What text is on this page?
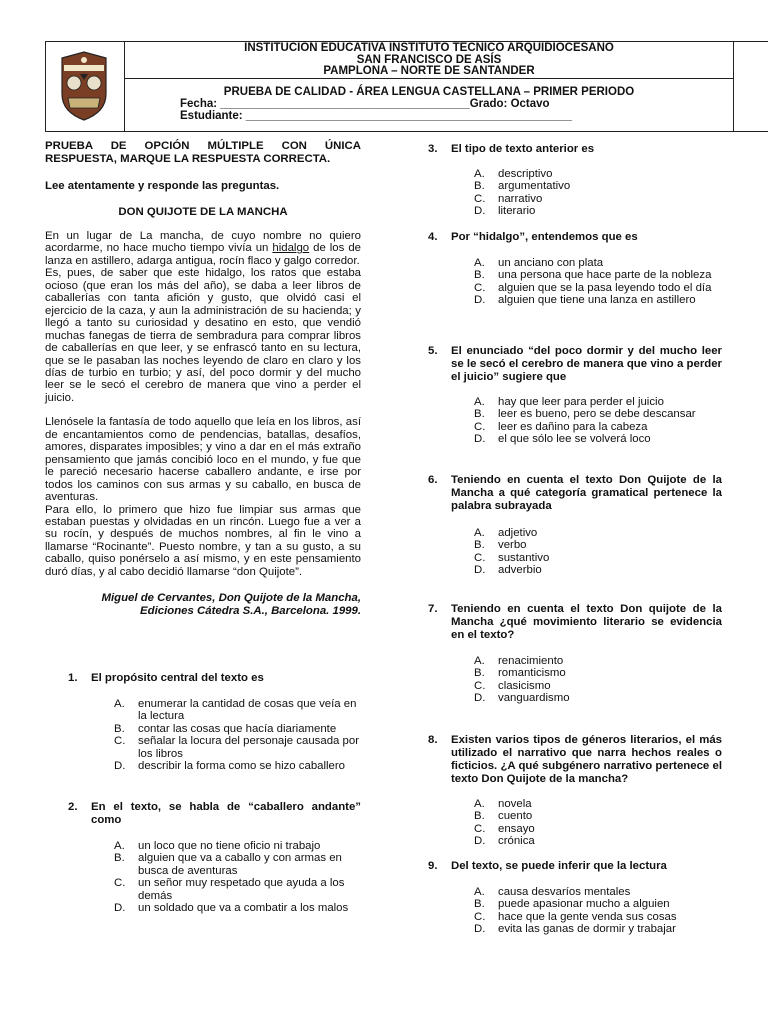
INSTITUCION EDUCATIVA INSTITUTO TECNICO ARQUIDIOCESANO
SAN FRANCISCO DE ASÍS
PAMPLONA – NORTE DE SANTANDER
PRUEBA DE CALIDAD - ÁREA LENGUA CASTELLANA – PRIMER PERIODO
Fecha: _______________________________________Grado: Octavo
Estudiante: ___________________________________________________

PRUEBA DE OPCIÓN MÚLTIPLE CON ÚNICA RESPUESTA, MARQUE LA RESPUESTA CORRECTA.

Lee atentamente y responde las preguntas.

DON QUIJOTE DE LA MANCHA

En un lugar de La mancha, de cuyo nombre no quiero acordarme, no hace mucho tiempo vivía un hidalgo de los de lanza en astillero, adarga antigua, rocín flaco y galgo corredor.

Es, pues, de saber que este hidalgo, los ratos que estaba ocioso (que eran los más del año), se daba a leer libros de caballerías con tanta afición y gusto, que olvidó casi el ejercicio de la caza, y aun la administración de su hacienda; y llegó a tanto su curiosidad y desatino en esto, que vendió muchas fanegas de tierra de sembradura para comprar libros de caballerías en que leer, y se enfrascó tanto en su lectura, que se le pasaban las noches leyendo de claro en claro y los días de turbio en turbio; y así, del poco dormir y del mucho leer se le secó el cerebro de manera que vino a perder el juicio.

Llenósele la fantasía de todo aquello que leía en los libros, así de encantamientos como de pendencias, batallas, desafíos, amores, disparates imposibles; y vino a dar en el más extraño pensamiento que jamás concibió loco en el mundo, y fue que le pareció necesario hacerse caballero andante, e irse por todos los caminos con sus armas y su caballo, en busca de aventuras.

Para ello, lo primero que hizo fue limpiar sus armas que estaban puestas y olvidadas en un rincón. Luego fue a ver a su rocín, y después de muchos nombres, al fin le vino a llamarse “Rocinante”. Puesto nombre, y tan a su gusto, a su caballo, quiso ponérselo a así mismo, y en este pensamiento duró días, y al cabo decidió llamarse “don Quijote”.

Miguel de Cervantes, Don Quijote de la Mancha, Ediciones Cátedra S.A., Barcelona. 1999.

1. El propósito central del texto es
A. enumerar la cantidad de cosas que veía en la lectura
B. contar las cosas que hacía diariamente
C. señalar la locura del personaje causada por los libros
D. describir la forma como se hizo caballero
2. En el texto, se habla de “caballero andante” como
A. un loco que no tiene oficio ni trabajo
B. alguien que va a caballo y con armas en busca de aventuras
C. un señor muy respetado que ayuda a los demás
D. un soldado que va a combatir a los malos
3. El tipo de texto anterior es
A. descriptivo
B. argumentativo
C. narrativo
D. literario
4. Por “hidalgo”, entendemos que es
A. un anciano con plata
B. una persona que hace parte de la nobleza
C. alguien que se la pasa leyendo todo el día
D. alguien que tiene una lanza en astillero
5. El enunciado “del poco dormir y del mucho leer se le secó el cerebro de manera que vino a perder el juicio” sugiere que
A. hay que leer para perder el juicio
B. leer es bueno, pero se debe descansar
C. leer es dañino para la cabeza
D. el que sólo lee se volverá loco
6. Teniendo en cuenta el texto Don Quijote de la Mancha a qué categoría gramatical pertenece la palabra subrayada
A. adjetivo
B. verbo
C. sustantivo
D. adverbio
7. Teniendo en cuenta el texto Don quijote de la Mancha ¿qué movimiento literario se evidencia en el texto?
A. renacimiento
B. romanticismo
C. clasicismo
D. vanguardismo
8. Existen varios tipos de géneros literarios, el más utilizado el narrativo que narra hechos reales o ficticios. ¿A qué subgénero narrativo pertenece el texto Don Quijote de la mancha?
A. novela
B. cuento
C. ensayo
D. crónica
9. Del texto, se puede inferir que la lectura
A. causa desvaríos mentales
B. puede apasionar mucho a alguien
C. hace que la gente venda sus cosas
D. evita las ganas de dormir y trabajar
